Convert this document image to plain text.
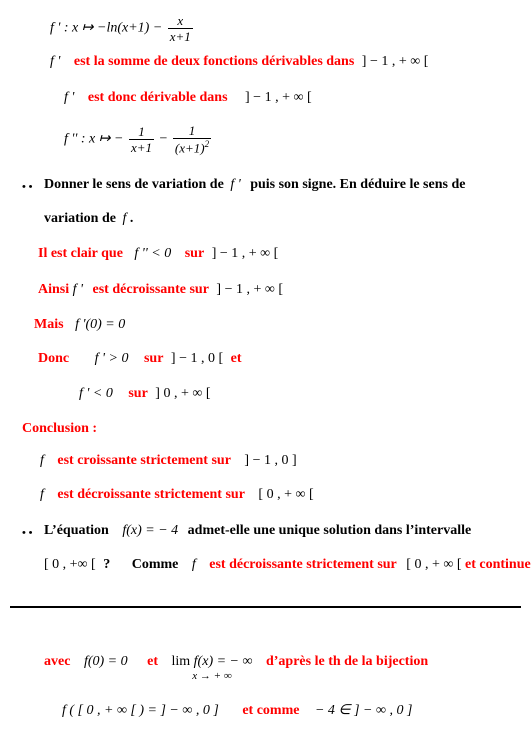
f ' : x ↦ $-\ln(x+1) - \frac{x}{x+1}$
f ' est la somme de deux fonctions dérivables dans ] − 1 , + ∞ [
f ' est donc dérivable dans ] − 1 , + ∞ [
f '' : x ↦ − $\frac{1}{x+1} - \frac{1}{(x+1)^2}$
• • Donner le sens de variation de f ' puis son signe. En déduire le sens de
variation de f .
Il est clair que f '' < 0 sur ] − 1 , + ∞ [
Ainsi f ' est décroissante sur ] − 1 , + ∞ [
Mais f '(0) = 0
Donc f ' > 0 sur ] − 1 , 0 [ et
f ' < 0 sur ] 0 , + ∞ [
Conclusion :
f est croissante strictement sur ] − 1 , 0 ]
f est décroissante strictement sur [ 0 , + ∞ [
• • L’équation f(x) = − 4 admet-elle une unique solution dans l’intervalle
[ 0 , +∞ [ ? Comme f est décroissante strictement sur [ 0 , + ∞ [ et continue
avec f(0) = 0 et lim f(x) = − ∞
x → + ∞ d’après le th de la bijection
f ( [ 0 , + ∞ [ ) = ] − ∞ , 0 ] et comme − 4 ∈ ] − ∞ , 0 ]
